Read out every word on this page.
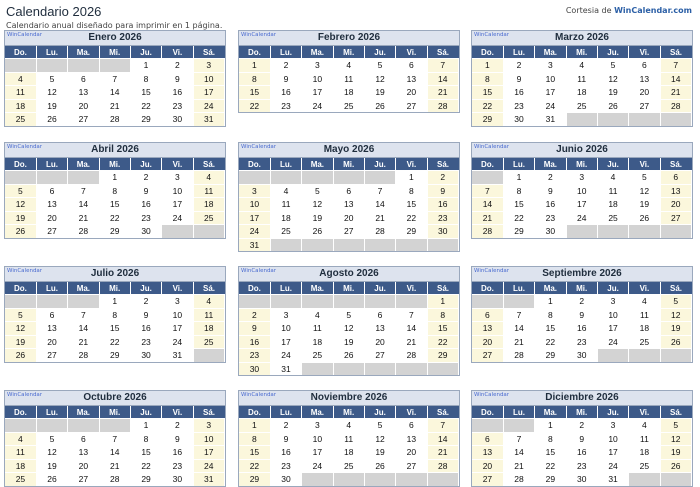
Calendario 2026
Calendario anual diseñado para imprimir en 1 página.
Cortesia de WinCalendar.com
WinCalendar	Enero 2026
Do.	Lu.	Ma.	Mi.	Ju.	Vi.	Sá.
				1	2	3
4	5	6	7	8	9	10
11	12	13	14	15	16	17
18	19	20	21	22	23	24
25	26	27	28	29	30	31
WinCalendar	Febrero 2026
Do.	Lu.	Ma.	Mi.	Ju.	Vi.	Sá.
1	2	3	4	5	6	7
8	9	10	11	12	13	14
15	16	17	18	19	20	21
22	23	24	25	26	27	28
WinCalendar	Marzo 2026
Do.	Lu.	Ma.	Mi.	Ju.	Vi.	Sá.
1	2	3	4	5	6	7
8	9	10	11	12	13	14
15	16	17	18	19	20	21
22	23	24	25	26	27	28
29	30	31				
WinCalendar	Abril 2026
Do.	Lu.	Ma.	Mi.	Ju.	Vi.	Sá.
			1	2	3	4
5	6	7	8	9	10	11
12	13	14	15	16	17	18
19	20	21	22	23	24	25
26	27	28	29	30		
WinCalendar	Mayo 2026
Do.	Lu.	Ma.	Mi.	Ju.	Vi.	Sá.
					1	2
3	4	5	6	7	8	9
10	11	12	13	14	15	16
17	18	19	20	21	22	23
24	25	26	27	28	29	30
31						
WinCalendar	Junio 2026
Do.	Lu.	Ma.	Mi.	Ju.	Vi.	Sá.
	1	2	3	4	5	6
7	8	9	10	11	12	13
14	15	16	17	18	19	20
21	22	23	24	25	26	27
28	29	30				
WinCalendar	Julio 2026
Do.	Lu.	Ma.	Mi.	Ju.	Vi.	Sá.
			1	2	3	4
5	6	7	8	9	10	11
12	13	14	15	16	17	18
19	20	21	22	23	24	25
26	27	28	29	30	31	
WinCalendar	Agosto 2026
Do.	Lu.	Ma.	Mi.	Ju.	Vi.	Sá.
						1
2	3	4	5	6	7	8
9	10	11	12	13	14	15
16	17	18	19	20	21	22
23	24	25	26	27	28	29
30	31					
WinCalendar	Septiembre 2026
Do.	Lu.	Ma.	Mi.	Ju.	Vi.	Sá.
		1	2	3	4	5
6	7	8	9	10	11	12
13	14	15	16	17	18	19
20	21	22	23	24	25	26
27	28	29	30			
WinCalendar	Octubre 2026
Do.	Lu.	Ma.	Mi.	Ju.	Vi.	Sá.
				1	2	3
4	5	6	7	8	9	10
11	12	13	14	15	16	17
18	19	20	21	22	23	24
25	26	27	28	29	30	31
WinCalendar	Noviembre 2026
Do.	Lu.	Ma.	Mi.	Ju.	Vi.	Sá.
1	2	3	4	5	6	7
8	9	10	11	12	13	14
15	16	17	18	19	20	21
22	23	24	25	26	27	28
29	30					
WinCalendar	Diciembre 2026
Do.	Lu.	Ma.	Mi.	Ju.	Vi.	Sá.
		1	2	3	4	5
6	7	8	9	10	11	12
13	14	15	16	17	18	19
20	21	22	23	24	25	26
27	28	29	30	31		
